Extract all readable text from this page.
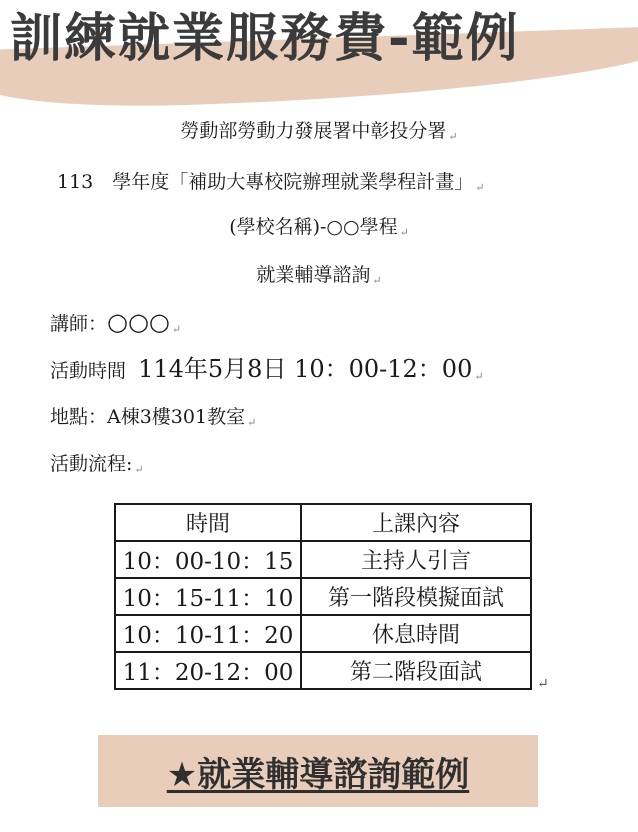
訓練就業服務費-範例
勞動部勞動力發展署中彰投分署 ↵
113　學年度「補助大專校院辦理就業學程計畫」 ↵
(學校名稱)-○○學程 ↵
就業輔導諮詢 ↵
講師：○○○ ↵
活動時間 114年5月8日 10：00-12：00 ↵
地點：A棟3樓301教室 ↵
活動流程: ↵
時間	上課內容
10：00-10：15	主持人引言
10：15-11：10	第一階段模擬面試
10：10-11：20	休息時間
11：20-12：00	第二階段面試	↵
★就業輔導諮詢範例
